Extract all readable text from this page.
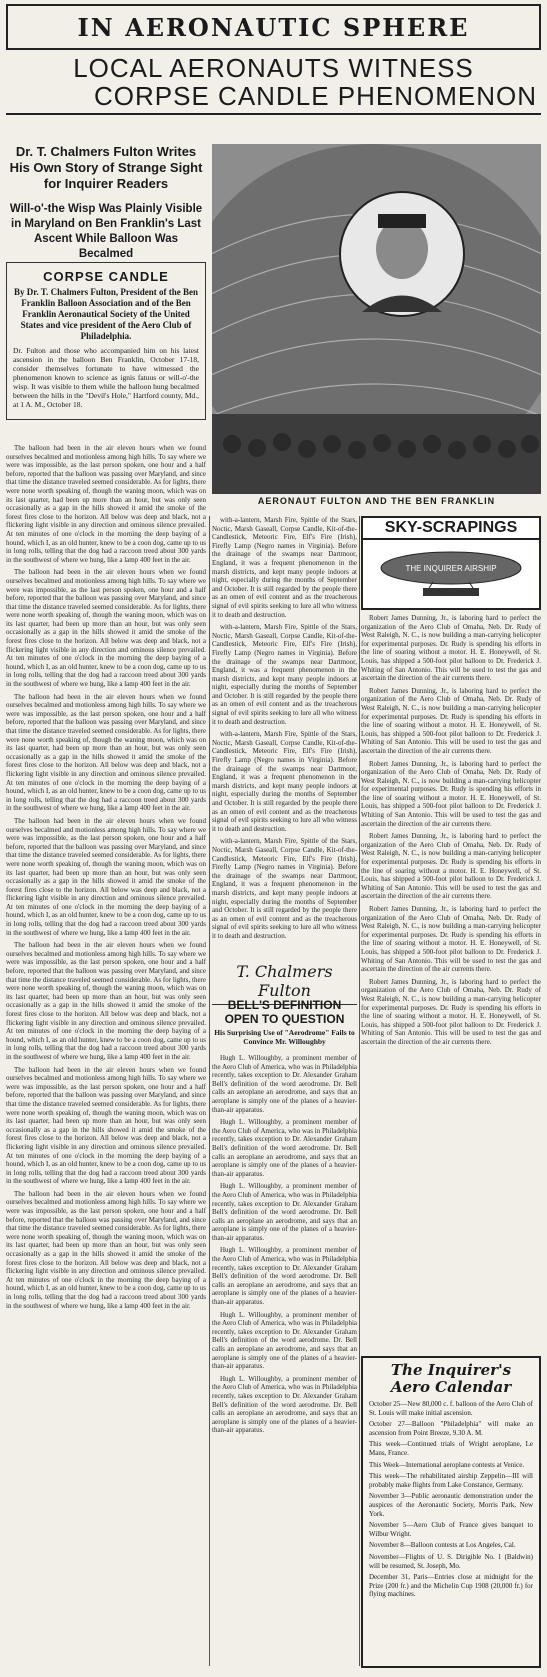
IN AERONAUTIC SPHERE
LOCAL AERONAUTS WITNESS
CORPSE CANDLE PHENOMENON
Dr. T. Chalmers Fulton Writes His Own Story of Strange Sight for Inquirer Readers
Will-o'-the Wisp Was Plainly Visible in Maryland on Ben Franklin's Last Ascent While Balloon Was Becalmed
CORPSE CANDLE
By Dr. T. Chalmers Fulton, President of the Ben Franklin Balloon Association and of the Ben Franklin Aeronautical Society of the United States and vice president of the Aero Club of Philadelphia.

Dr. Fulton and those who accompanied him on his latest ascension in the balloon Ben Franklin, October 17-18, consider themselves fortunate to have witnessed the phenomenon known to science as ignis fatuus or will-o'-the wisp. It was visible to them while the balloon hung becalmed between the hills in the "Devil's Hole," Hartford county, Md., at 1 A. M., October 18.

The balloon had been in the air eleven hours when we found ourselves becalmed and motionless among high hills. To say where we were was impossible, as the last person spoken, one hour and a half before, reported that the balloon was passing over Maryland, and since that time the distance traveled seemed considerable. As for lights, there were none worth speaking of, though the waning moon, which was on its last quarter, had been up more than an hour, but was only seen occasionally as a gap in the hills showed it amid the smoke of the forest fires close to the horizon. All below was deep and black, not a flickering light visible in any direction and ominous silence prevailed. At ten minutes of one o'clock in the morning the deep baying of a hound, which I, as an old hunter, knew to be a coon dog, came up to us in long rolls, telling that the dog had a raccoon treed about 300 yards in the southwest of where we hung, like a lamp 400 feet in the air.

The balloon had been in the air eleven hours when we found ourselves becalmed and motionless among high hills. To say where we were was impossible, as the last person spoken, one hour and a half before, reported that the balloon was passing over Maryland, and since that time the distance traveled seemed considerable. As for lights, there were none worth speaking of, though the waning moon, which was on its last quarter, had been up more than an hour, but was only seen occasionally as a gap in the hills showed it amid the smoke of the forest fires close to the horizon. All below was deep and black, not a flickering light visible in any direction and ominous silence prevailed. At ten minutes of one o'clock in the morning the deep baying of a hound, which I, as an old hunter, knew to be a coon dog, came up to us in long rolls, telling that the dog had a raccoon treed about 300 yards in the southwest of where we hung, like a lamp 400 feet in the air.

The balloon had been in the air eleven hours when we found ourselves becalmed and motionless among high hills. To say where we were was impossible, as the last person spoken, one hour and a half before, reported that the balloon was passing over Maryland, and since that time the distance traveled seemed considerable. As for lights, there were none worth speaking of, though the waning moon, which was on its last quarter, had been up more than an hour, but was only seen occasionally as a gap in the hills showed it amid the smoke of the forest fires close to the horizon. All below was deep and black, not a flickering light visible in any direction and ominous silence prevailed. At ten minutes of one o'clock in the morning the deep baying of a hound, which I, as an old hunter, knew to be a coon dog, came up to us in long rolls, telling that the dog had a raccoon treed about 300 yards in the southwest of where we hung, like a lamp 400 feet in the air.

The balloon had been in the air eleven hours when we found ourselves becalmed and motionless among high hills. To say where we were was impossible, as the last person spoken, one hour and a half before, reported that the balloon was passing over Maryland, and since that time the distance traveled seemed considerable. As for lights, there were none worth speaking of, though the waning moon, which was on its last quarter, had been up more than an hour, but was only seen occasionally as a gap in the hills showed it amid the smoke of the forest fires close to the horizon. All below was deep and black, not a flickering light visible in any direction and ominous silence prevailed. At ten minutes of one o'clock in the morning the deep baying of a hound, which I, as an old hunter, knew to be a coon dog, came up to us in long rolls, telling that the dog had a raccoon treed about 300 yards in the southwest of where we hung, like a lamp 400 feet in the air.

The balloon had been in the air eleven hours when we found ourselves becalmed and motionless among high hills. To say where we were was impossible, as the last person spoken, one hour and a half before, reported that the balloon was passing over Maryland, and since that time the distance traveled seemed considerable. As for lights, there were none worth speaking of, though the waning moon, which was on its last quarter, had been up more than an hour, but was only seen occasionally as a gap in the hills showed it amid the smoke of the forest fires close to the horizon. All below was deep and black, not a flickering light visible in any direction and ominous silence prevailed. At ten minutes of one o'clock in the morning the deep baying of a hound, which I, as an old hunter, knew to be a coon dog, came up to us in long rolls, telling that the dog had a raccoon treed about 300 yards in the southwest of where we hung, like a lamp 400 feet in the air.

The balloon had been in the air eleven hours when we found ourselves becalmed and motionless among high hills. To say where we were was impossible, as the last person spoken, one hour and a half before, reported that the balloon was passing over Maryland, and since that time the distance traveled seemed considerable. As for lights, there were none worth speaking of, though the waning moon, which was on its last quarter, had been up more than an hour, but was only seen occasionally as a gap in the hills showed it amid the smoke of the forest fires close to the horizon. All below was deep and black, not a flickering light visible in any direction and ominous silence prevailed. At ten minutes of one o'clock in the morning the deep baying of a hound, which I, as an old hunter, knew to be a coon dog, came up to us in long rolls, telling that the dog had a raccoon treed about 300 yards in the southwest of where we hung, like a lamp 400 feet in the air.

The balloon had been in the air eleven hours when we found ourselves becalmed and motionless among high hills. To say where we were was impossible, as the last person spoken, one hour and a half before, reported that the balloon was passing over Maryland, and since that time the distance traveled seemed considerable. As for lights, there were none worth speaking of, though the waning moon, which was on its last quarter, had been up more than an hour, but was only seen occasionally as a gap in the hills showed it amid the smoke of the forest fires close to the horizon. All below was deep and black, not a flickering light visible in any direction and ominous silence prevailed. At ten minutes of one o'clock in the morning the deep baying of a hound, which I, as an old hunter, knew to be a coon dog, came up to us in long rolls, telling that the dog had a raccoon treed about 300 yards in the southwest of where we hung, like a lamp 400 feet in the air.

AERONAUT FULTON AND THE BEN FRANKLIN

with-a-lantern, Marsh Fire, Spittle of the Stars, Noctic, Marsh Gaseall, Corpse Candle, Kit-of-the-Candlestick, Meteoric Fire, Elf's Fire (Irish), Firefly Lamp (Negro names in Virginia). Before the drainage of the swamps near Dartmoor, England, it was a frequent phenomenon in the marsh districts, and kept many people indoors at night, especially during the months of September and October. It is still regarded by the people there as an omen of evil content and as the treacherous signal of evil spirits seeking to lure all who witness it to death and destruction.

with-a-lantern, Marsh Fire, Spittle of the Stars, Noctic, Marsh Gaseall, Corpse Candle, Kit-of-the-Candlestick, Meteoric Fire, Elf's Fire (Irish), Firefly Lamp (Negro names in Virginia). Before the drainage of the swamps near Dartmoor, England, it was a frequent phenomenon in the marsh districts, and kept many people indoors at night, especially during the months of September and October. It is still regarded by the people there as an omen of evil content and as the treacherous signal of evil spirits seeking to lure all who witness it to death and destruction.

with-a-lantern, Marsh Fire, Spittle of the Stars, Noctic, Marsh Gaseall, Corpse Candle, Kit-of-the-Candlestick, Meteoric Fire, Elf's Fire (Irish), Firefly Lamp (Negro names in Virginia). Before the drainage of the swamps near Dartmoor, England, it was a frequent phenomenon in the marsh districts, and kept many people indoors at night, especially during the months of September and October. It is still regarded by the people there as an omen of evil content and as the treacherous signal of evil spirits seeking to lure all who witness it to death and destruction.

with-a-lantern, Marsh Fire, Spittle of the Stars, Noctic, Marsh Gaseall, Corpse Candle, Kit-of-the-Candlestick, Meteoric Fire, Elf's Fire (Irish), Firefly Lamp (Negro names in Virginia). Before the drainage of the swamps near Dartmoor, England, it was a frequent phenomenon in the marsh districts, and kept many people indoors at night, especially during the months of September and October. It is still regarded by the people there as an omen of evil content and as the treacherous signal of evil spirits seeking to lure all who witness it to death and destruction.

SKY-SCRAPINGS
THE INQUIRER AIRSHIP

Robert James Dunning, Jr., is laboring hard to perfect the organization of the Aero Club of Omaha, Neb. Dr. Rudy of West Raleigh, N. C., is now building a man-carrying helicopter for experimental purposes. Dr. Rudy is spending his efforts in the line of soaring without a motor. H. E. Honeywell, of St. Louis, has shipped a 500-foot pilot balloon to Dr. Frederick J. Whiting of San Antonio. This will be used to test the gas and ascertain the direction of the air currents there.

Robert James Dunning, Jr., is laboring hard to perfect the organization of the Aero Club of Omaha, Neb. Dr. Rudy of West Raleigh, N. C., is now building a man-carrying helicopter for experimental purposes. Dr. Rudy is spending his efforts in the line of soaring without a motor. H. E. Honeywell, of St. Louis, has shipped a 500-foot pilot balloon to Dr. Frederick J. Whiting of San Antonio. This will be used to test the gas and ascertain the direction of the air currents there.

Robert James Dunning, Jr., is laboring hard to perfect the organization of the Aero Club of Omaha, Neb. Dr. Rudy of West Raleigh, N. C., is now building a man-carrying helicopter for experimental purposes. Dr. Rudy is spending his efforts in the line of soaring without a motor. H. E. Honeywell, of St. Louis, has shipped a 500-foot pilot balloon to Dr. Frederick J. Whiting of San Antonio. This will be used to test the gas and ascertain the direction of the air currents there.

Robert James Dunning, Jr., is laboring hard to perfect the organization of the Aero Club of Omaha, Neb. Dr. Rudy of West Raleigh, N. C., is now building a man-carrying helicopter for experimental purposes. Dr. Rudy is spending his efforts in the line of soaring without a motor. H. E. Honeywell, of St. Louis, has shipped a 500-foot pilot balloon to Dr. Frederick J. Whiting of San Antonio. This will be used to test the gas and ascertain the direction of the air currents there.

Robert James Dunning, Jr., is laboring hard to perfect the organization of the Aero Club of Omaha, Neb. Dr. Rudy of West Raleigh, N. C., is now building a man-carrying helicopter for experimental purposes. Dr. Rudy is spending his efforts in the line of soaring without a motor. H. E. Honeywell, of St. Louis, has shipped a 500-foot pilot balloon to Dr. Frederick J. Whiting of San Antonio. This will be used to test the gas and ascertain the direction of the air currents there.

Robert James Dunning, Jr., is laboring hard to perfect the organization of the Aero Club of Omaha, Neb. Dr. Rudy of West Raleigh, N. C., is now building a man-carrying helicopter for experimental purposes. Dr. Rudy is spending his efforts in the line of soaring without a motor. H. E. Honeywell, of St. Louis, has shipped a 500-foot pilot balloon to Dr. Frederick J. Whiting of San Antonio. This will be used to test the gas and ascertain the direction of the air currents there.

T. Chalmers Fulton
BELL'S DEFINITION OPEN TO QUESTION
His Surprising Use of "Aerodrome" Fails to Convince Mr. Willoughby

Hugh L. Willoughby, a prominent member of the Aero Club of America, who was in Philadelphia recently, takes exception to Dr. Alexander Graham Bell's definition of the word aerodrome. Dr. Bell calls an aeroplane an aerodrome, and says that an aeroplane is simply one of the planes of a heavier-than-air apparatus.

Hugh L. Willoughby, a prominent member of the Aero Club of America, who was in Philadelphia recently, takes exception to Dr. Alexander Graham Bell's definition of the word aerodrome. Dr. Bell calls an aeroplane an aerodrome, and says that an aeroplane is simply one of the planes of a heavier-than-air apparatus.

Hugh L. Willoughby, a prominent member of the Aero Club of America, who was in Philadelphia recently, takes exception to Dr. Alexander Graham Bell's definition of the word aerodrome. Dr. Bell calls an aeroplane an aerodrome, and says that an aeroplane is simply one of the planes of a heavier-than-air apparatus.

Hugh L. Willoughby, a prominent member of the Aero Club of America, who was in Philadelphia recently, takes exception to Dr. Alexander Graham Bell's definition of the word aerodrome. Dr. Bell calls an aeroplane an aerodrome, and says that an aeroplane is simply one of the planes of a heavier-than-air apparatus.

Hugh L. Willoughby, a prominent member of the Aero Club of America, who was in Philadelphia recently, takes exception to Dr. Alexander Graham Bell's definition of the word aerodrome. Dr. Bell calls an aeroplane an aerodrome, and says that an aeroplane is simply one of the planes of a heavier-than-air apparatus.

Hugh L. Willoughby, a prominent member of the Aero Club of America, who was in Philadelphia recently, takes exception to Dr. Alexander Graham Bell's definition of the word aerodrome. Dr. Bell calls an aeroplane an aerodrome, and says that an aeroplane is simply one of the planes of a heavier-than-air apparatus.

The Inquirer's Aero Calendar

October 25—New 80,000 c. f. balloon of the Aero Club of St. Louis will make initial ascension.

October 27—Balloon "Philadelphia" will make an ascension from Point Breeze, 9.30 A. M.

This week—Continued trials of Wright aeroplane, Le Mans, France.

This Week—International aeroplane contests at Venice.

This week—The rehabilitated airship Zeppelin—III will probably make flights from Lake Constance, Germany.

November 3—Public aeronautic demonstration under the auspices of the Aeronautic Society, Morris Park, New York.

November 5—Aero Club of France gives banquet to Wilbur Wright.

November 8—Balloon contests at Los Angeles, Cal.

November—Flights of U. S. Dirigible No. 1 (Baldwin) will be resumed, St. Joseph, Mo.

December 31, Paris—Entries close at midnight for the Prize (200 fr.) and the Michelin Cup 1908 (20,000 fr.) for flying machines.
